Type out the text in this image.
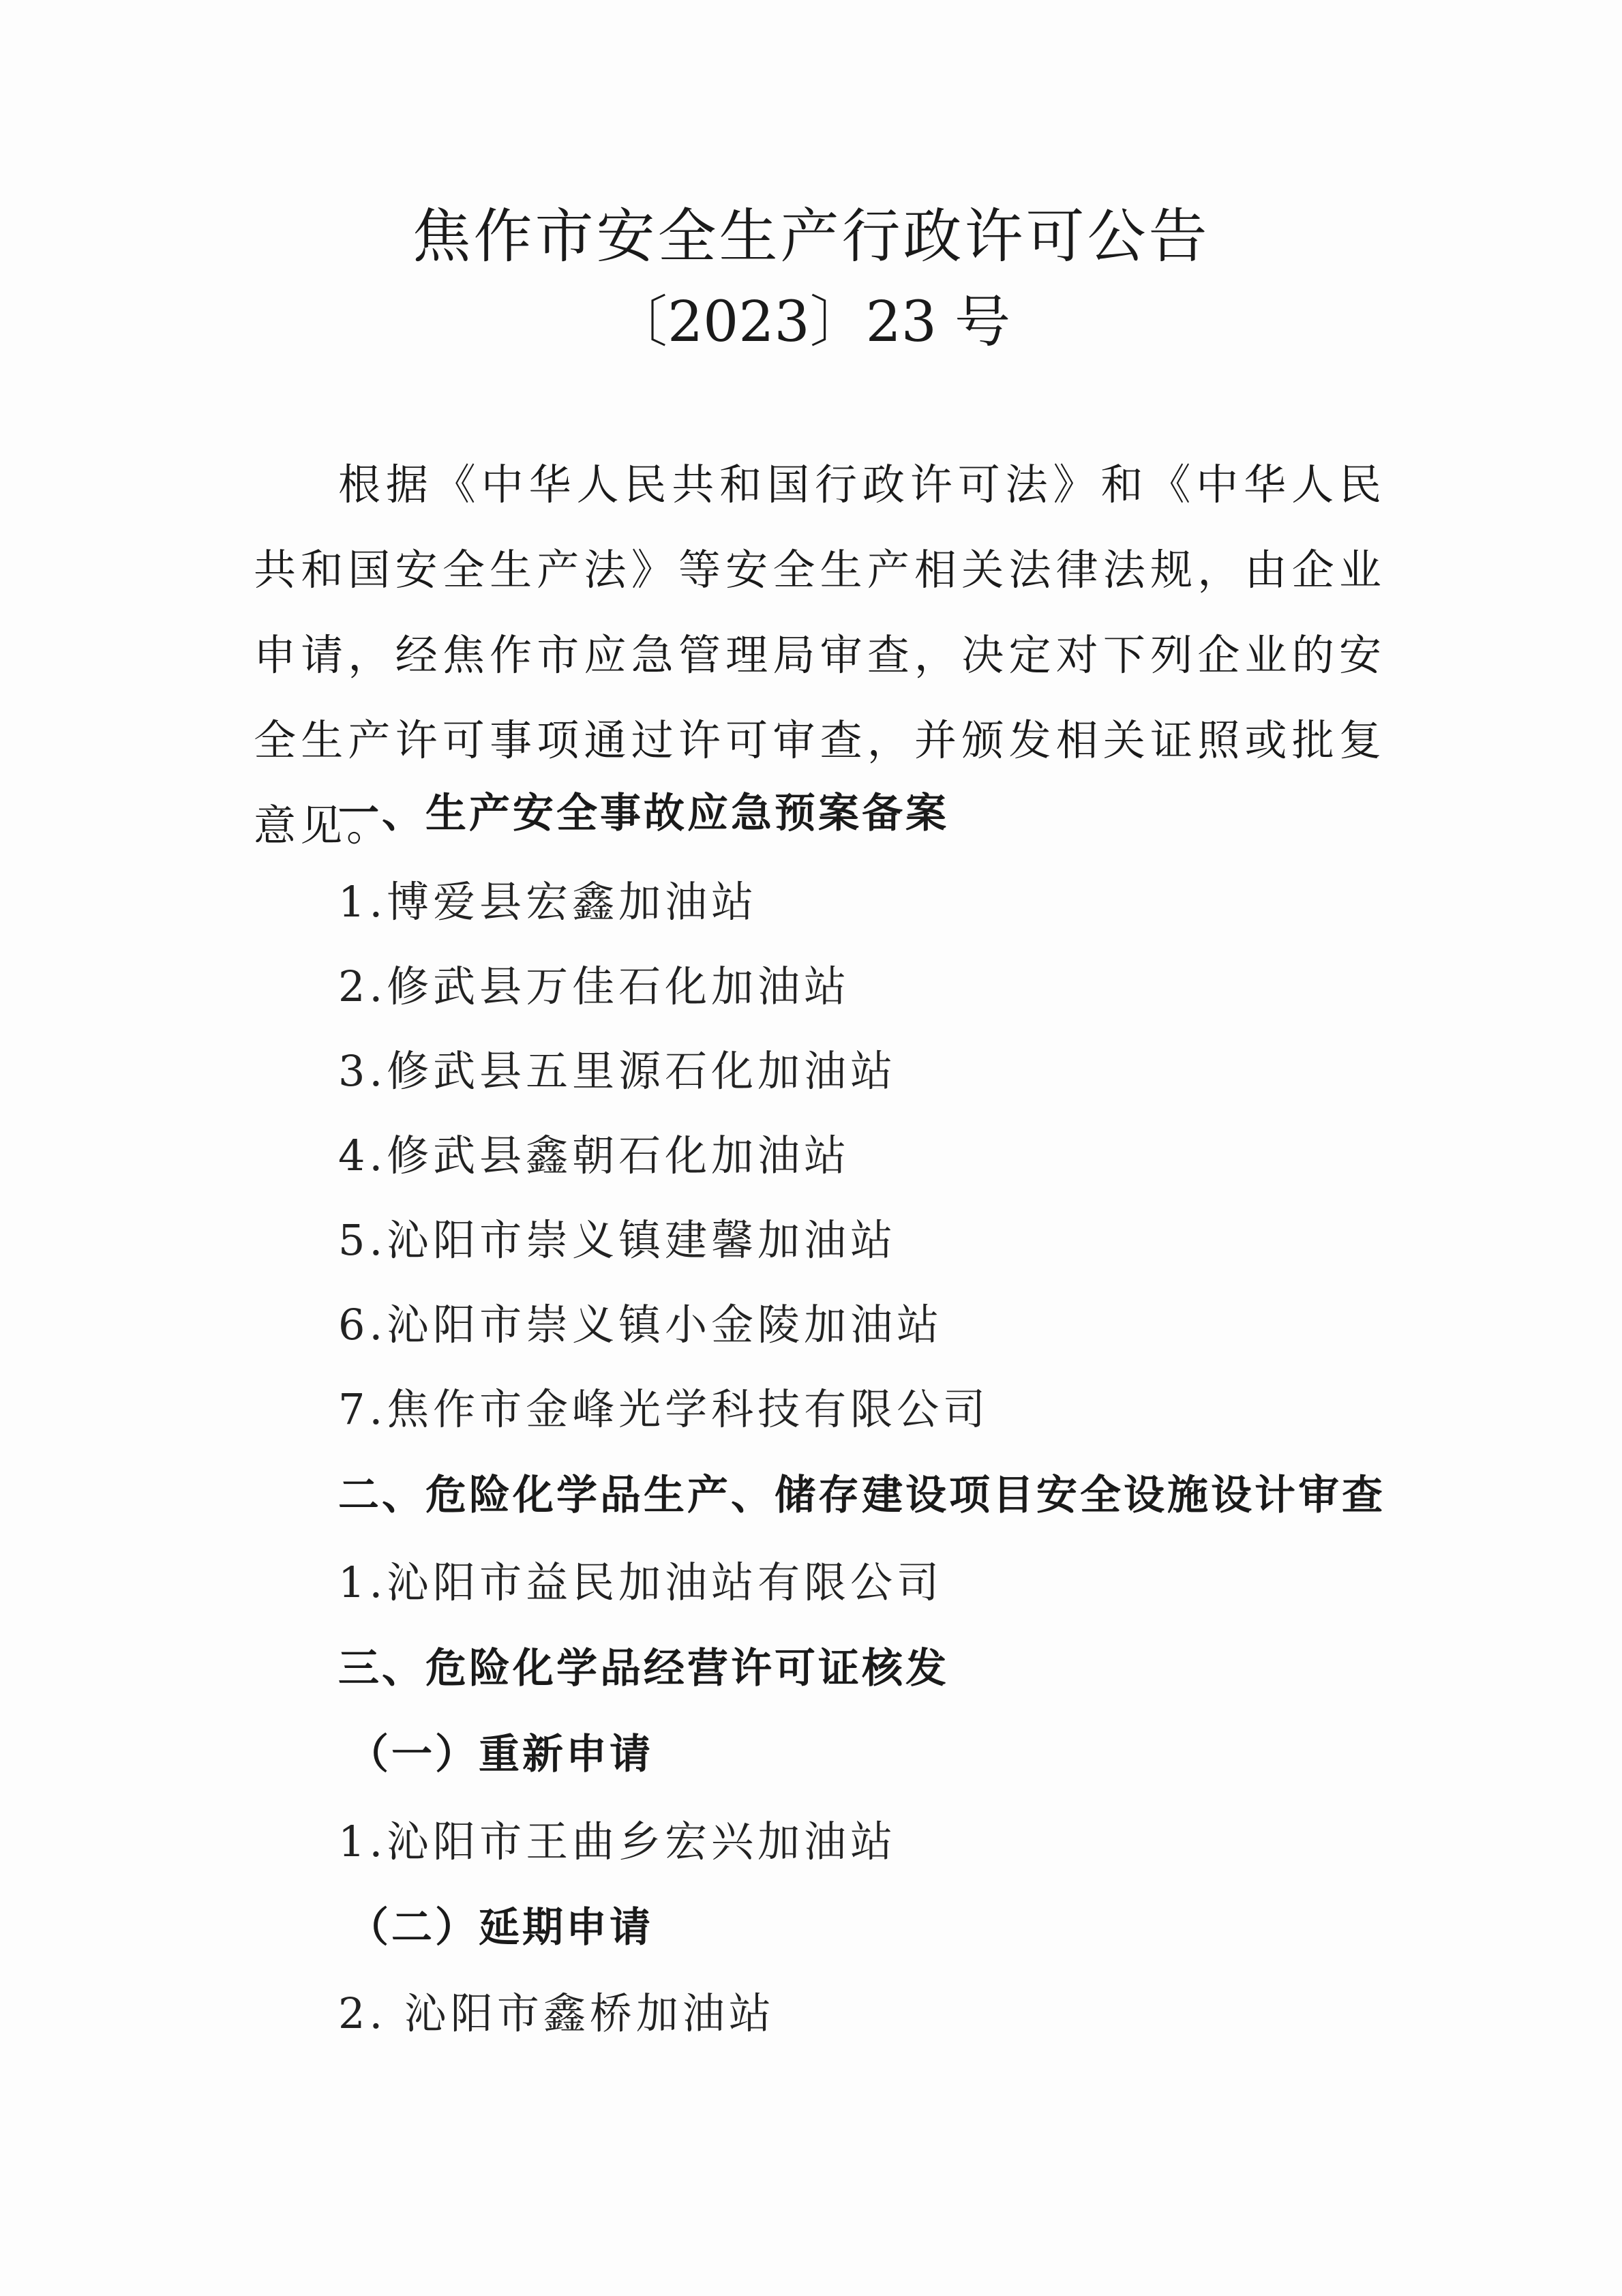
焦作市安全生产行政许可公告
〔2023〕23 号

根据《中华人民共和国行政许可法》和《中华人民共和国安全生产法》等安全生产相关法律法规，由企业申请，经焦作市应急管理局审查，决定对下列企业的安全生产许可事项通过许可审查，并颁发相关证照或批复意见。

一、生产安全事故应急预案备案
1.博爱县宏鑫加油站
2.修武县万佳石化加油站
3.修武县五里源石化加油站
4.修武县鑫朝石化加油站
5.沁阳市崇义镇建馨加油站
6.沁阳市崇义镇小金陵加油站
7.焦作市金峰光学科技有限公司
二、危险化学品生产、储存建设项目安全设施设计审查
1.沁阳市益民加油站有限公司
三、危险化学品经营许可证核发
（一）重新申请
1.沁阳市王曲乡宏兴加油站
（二）延期申请
2. 沁阳市鑫桥加油站
